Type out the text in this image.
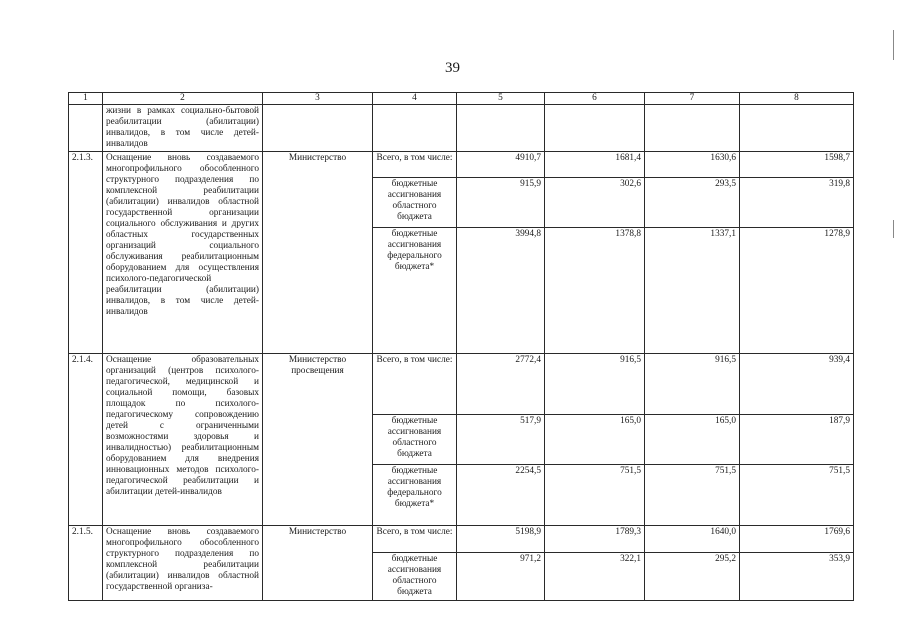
39
1	2	3	4	5	6	7	8
	жизни в рамках социально-бытовой реабилитации (абилитации) инвалидов, в том числе детей-инвалидов						
2.1.3.	Оснащение вновь создаваемого многопрофильного обособленного структурного подразделения по комплексной реабилитации (абилитации) инвалидов областной государственной организации социального обслуживания и других областных государственных организаций социального обслуживания реабилитационным оборудованием для осуществления психолого-педагогической реабилитации (абилитации) инвалидов, в том числе детей-инвалидов	Министерство	Всего, в том числе:	4910,7	1681,4	1630,6	1598,7
			бюджетные ассигнования областного бюджета	915,9	302,6	293,5	319,8
			бюджетные ассигнования федерального бюджета*	3994,8	1378,8	1337,1	1278,9
2.1.4.	Оснащение образовательных организаций (центров психолого-педагогической, медицинской и социальной помощи, базовых площадок по психолого-педагогическому сопровождению детей с ограниченными возможностями здоровья и инвалидностью) реабилитационным оборудованием для внедрения инновационных методов психолого-педагогической реабилитации и абилитации детей-инвалидов	Министерство просвещения	Всего, в том числе:	2772,4	916,5	916,5	939,4
			бюджетные ассигнования областного бюджета	517,9	165,0	165,0	187,9
			бюджетные ассигнования федерального бюджета*	2254,5	751,5	751,5	751,5
2.1.5.	Оснащение вновь создаваемого многопрофильного обособленного структурного подразделения по комплексной реабилитации (абилитации) инвалидов областной государственной организа-	Министерство	Всего, в том числе:	5198,9	1789,3	1640,0	1769,6
			бюджетные ассигнования областного бюджета	971,2	322,1	295,2	353,9
